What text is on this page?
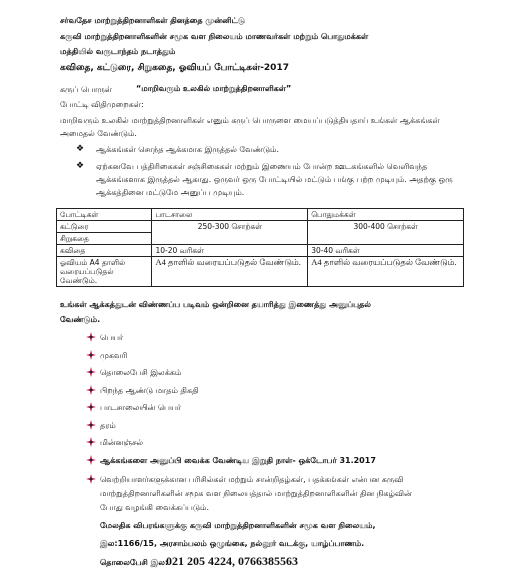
சர்வதேச மாற்றுத்திறனாளிகள் தினத்தை முன்னிட்டு
கருவி மாற்றுத்திறனாளிகளின் சமூக வள நிலையம் மாணவர்கள் மற்றும் பொதுமக்கள்
மத்தியில் வருடாந்தம் நடாத்தும்
கவிதை, கட்டுரை, சிறுகதை, ஓவியப் போட்டிகள்-2017
கருப் பொருள்	“மாறிவரும் உலகில் மாற்றுத்திறனாளிகள்”
போட்டி விதிமுறைகள்:
மாறிவரும் உலகில் மாற்றுத்திறனாளிகள் எனும் கருப் பொருளை மையப்படுத்தியதாய் உங்கள் ஆக்கங்கள்
அமைதல் வேண்டும்.
❖ ஆக்கங்கள் சொந்த ஆக்கமாக இருத்தல் வேண்டும்.
❖ ஏற்கனவே பத்திரிகைகள் சஞ்சிகைகள் மற்றும் இணையம் போன்ற ஊடகங்களில் வெளிவந்த
ஆக்கங்களாக இருத்தல் ஆகாது. ஒருவர் ஒரு போட்டியில் மட்டும் பங்கு பற்ற முடியும். அதற்கு ஒரு
ஆக்கத்தினை மட்டுமே அனுப்ப முடியும்.
போட்டிகள்	பாடசாலை	பொதுமக்கள்
கட்டுரை	250-300 சொற்கள்	300-400 சொற்கள்
சிறுகதை		
கவிதை	10-20 வரிகள்	30-40 வரிகள்
ஓவியம் A4 தாளில் வரையப்படுதல் வேண்டும்.	A4 தாளில் வரையப்படுதல் வேண்டும்.	A4 தாளில் வரையப்படுதல் வேண்டும்.
உங்கள் ஆக்கத்துடன் விண்ணப்ப படிவம் ஒன்றினை தயாரித்து இணைத்து அனுப்புதல்
வேண்டும்.
பெயர்
முகவரி
தொலைபேசி இலக்கம்
பிறந்த ஆண்டு மாதம் திகதி
பாடசாலையின் பெயர்
தரம்
மின்னஞ்சல்
ஆக்கங்களை அனுப்பி வைக்க வேண்டிய இறுதி நாள்- ஒக்டோபர் 31.2017
வெற்றியாளர்களுக்கான பரிசில்கள் மற்றும் சான்றிதழ்கள், பதக்கங்கள் என்பன கருவி
மாற்றுத்திறனாளிகளின் சமூக வள நிலையத்தால் மாற்றுத்திறனாளிகளின் தின நிகழ்வின்
போது வழங்கி வைக்கப்படும்.
மேலதிக விபரங்களுக்கு கருவி மாற்றுத்திறனாளிகளின் சமூக வள நிலையம்,
இல:1166/15, அரசாம்பலம் ஒழுங்கை, நல்லூர் வடக்கு, யாழ்ப்பாணம்.
தொலைபேசி இல:
021 205 4224, 0766385563
